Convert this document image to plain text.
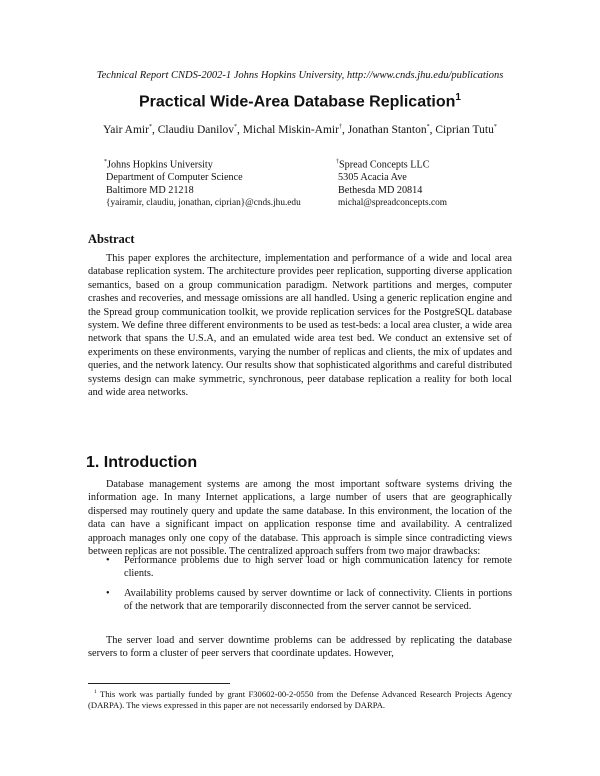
Technical Report CNDS-2002-1 Johns Hopkins University, http://www.cnds.jhu.edu/publications
Practical Wide-Area Database Replication$^1$
Yair Amir*, Claudiu Danilov*, Michal Miskin-Amir†, Jonathan Stanton*, Ciprian Tutu*
*Johns Hopkins University
Department of Computer Science
Baltimore MD 21218
{yairamir, claudiu, jonathan, ciprian}@cnds.jhu.edu
†Spread Concepts LLC
5305 Acacia Ave
Bethesda MD 20814
michal@spreadconcepts.com
Abstract
This paper explores the architecture, implementation and performance of a wide and local area database replication system. The architecture provides peer replication, supporting diverse application semantics, based on a group communication paradigm. Network partitions and merges, computer crashes and recoveries, and message omissions are all handled. Using a generic replication engine and the Spread group communication toolkit, we provide replication services for the PostgreSQL database system. We define three different environments to be used as test-beds: a local area cluster, a wide area network that spans the U.S.A, and an emulated wide area test bed. We conduct an extensive set of experiments on these environments, varying the number of replicas and clients, the mix of updates and queries, and the network latency. Our results show that sophisticated algorithms and careful distributed systems design can make symmetric, synchronous, peer database replication a reality for both local and wide area networks.
1. Introduction
Database management systems are among the most important software systems driving the information age. In many Internet applications, a large number of users that are geographically dispersed may routinely query and update the same database. In this environment, the location of the data can have a significant impact on application response time and availability. A centralized approach manages only one copy of the database. This approach is simple since contradicting views between replicas are not possible. The centralized approach suffers from two major drawbacks:
• Performance problems due to high server load or high communication latency for remote clients.
• Availability problems caused by server downtime or lack of connectivity. Clients in portions of the network that are temporarily disconnected from the server cannot be serviced.
The server load and server downtime problems can be addressed by replicating the database servers to form a cluster of peer servers that coordinate updates. However,
$^1$ This work was partially funded by grant F30602-00-2-0550 from the Defense Advanced Research Projects Agency (DARPA). The views expressed in this paper are not necessarily endorsed by DARPA.
